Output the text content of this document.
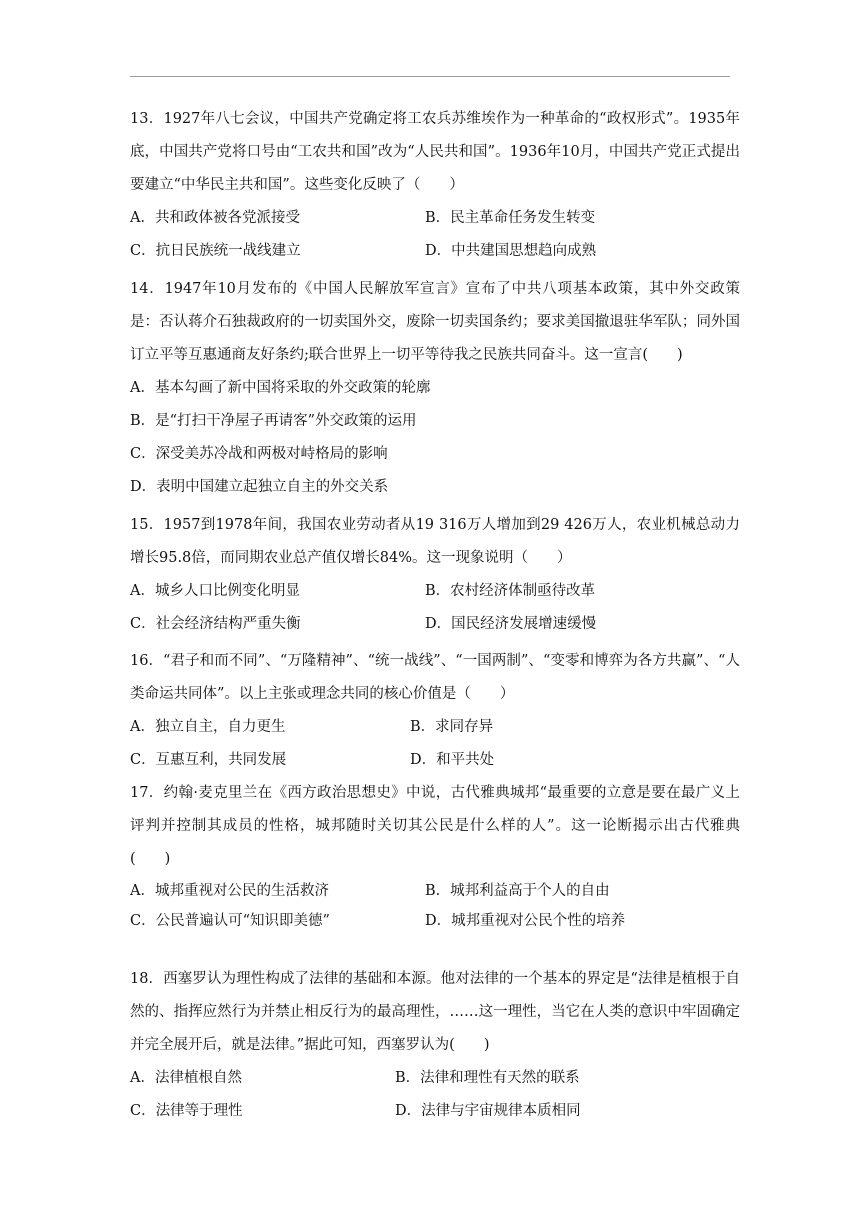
13．1927年八七会议，中国共产党确定将工农兵苏维埃作为一种革命的“政权形式”。1935年底，中国共产党将口号由“工农共和国”改为“人民共和国”。1936年10月，中国共产党正式提出要建立“中华民主共和国”。这些变化反映了（　　）
A．共和政体被各党派接受	B．民主革命任务发生转变
C．抗日民族统一战线建立	D．中共建国思想趋向成熟
14．1947年10月发布的《中国人民解放军宣言》宣布了中共八项基本政策，其中外交政策是：否认蒋介石独裁政府的一切卖国外交，废除一切卖国条约；要求美国撤退驻华军队；同外国订立平等互惠通商友好条约;联合世界上一切平等待我之民族共同奋斗。这一宣言(　　)
A．基本勾画了新中国将采取的外交政策的轮廓
B．是“打扫干净屋子再请客”外交政策的运用
C．深受美苏冷战和两极对峙格局的影响
D．表明中国建立起独立自主的外交关系
15．1957到1978年间，我国农业劳动者从19 316万人增加到29 426万人，农业机械总动力增长95.8倍，而同期农业总产值仅增长84%。这一现象说明（　　）
A．城乡人口比例变化明显	B．农村经济体制亟待改革
C．社会经济结构严重失衡	D．国民经济发展增速缓慢
16．“君子和而不同”、“万隆精神”、“统一战线”、“一国两制”、“变零和博弈为各方共赢”、“人类命运共同体”。以上主张或理念共同的核心价值是（　　）
A．独立自主，自力更生	B．求同存异
C．互惠互利，共同发展	D．和平共处
17．约翰·麦克里兰在《西方政治思想史》中说，古代雅典城邦“最重要的立意是要在最广义上评判并控制其成员的性格，城邦随时关切其公民是什么样的人”。这一论断揭示出古代雅典(　　)
A．城邦重视对公民的生活救济	B．城邦利益高于个人的自由
C．公民普遍认可“知识即美德”	D．城邦重视对公民个性的培养
18．西塞罗认为理性构成了法律的基础和本源。他对法律的一个基本的界定是“法律是植根于自然的、指挥应然行为并禁止相反行为的最高理性，……这一理性，当它在人类的意识中牢固确定并完全展开后，就是法律。”据此可知，西塞罗认为(　　)
A．法律植根自然	B．法律和理性有天然的联系
C．法律等于理性	D．法律与宇宙规律本质相同
